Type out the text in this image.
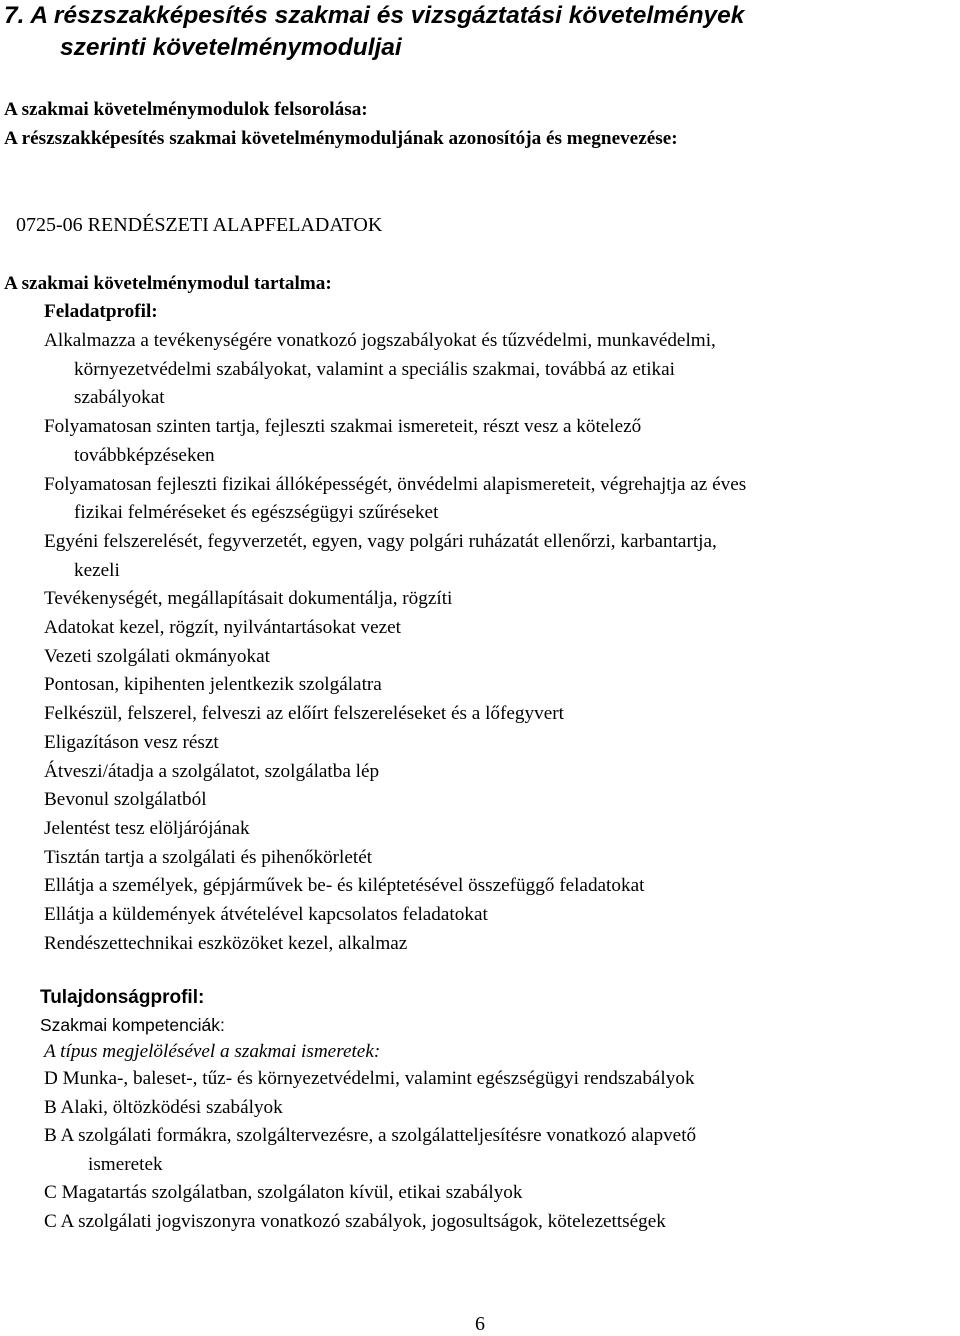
7. A részszakképesítés szakmai és vizsgáztatási követelmények
szerinti követelménymoduljai
A szakmai követelménymodulok felsorolása:
A részszakképesítés szakmai követelménymoduljának azonosítója és megnevezése:
0725-06 RENDÉSZETI ALAPFELADATOK
A szakmai követelménymodul tartalma:
Feladatprofil:
Alkalmazza a tevékenységére vonatkozó jogszabályokat és tűzvédelmi, munkavédelmi,
környezetvédelmi szabályokat, valamint a speciális szakmai, továbbá az etikai
szabályokat
Folyamatosan szinten tartja, fejleszti szakmai ismereteit, részt vesz a kötelező
továbbképzéseken
Folyamatosan fejleszti fizikai állóképességét, önvédelmi alapismereteit, végrehajtja az éves
fizikai felméréseket és egészségügyi szűréseket
Egyéni felszerelését, fegyverzetét, egyen, vagy polgári ruházatát ellenőrzi, karbantartja,
kezeli
Tevékenységét, megállapításait dokumentálja, rögzíti
Adatokat kezel, rögzít, nyilvántartásokat vezet
Vezeti szolgálati okmányokat
Pontosan, kipihenten jelentkezik szolgálatra
Felkészül, felszerel, felveszi az előírt felszereléseket és a lőfegyvert
Eligazításon vesz részt
Átveszi/átadja a szolgálatot, szolgálatba lép
Bevonul szolgálatból
Jelentést tesz elöljárójának
Tisztán tartja a szolgálati és pihenőkörletét
Ellátja a személyek, gépjárművek be- és kiléptetésével összefüggő feladatokat
Ellátja a küldemények átvételével kapcsolatos feladatokat
Rendészettechnikai eszközöket kezel, alkalmaz
Tulajdonságprofil:
Szakmai kompetenciák:
A típus megjelölésével a szakmai ismeretek:
D Munka-, baleset-, tűz- és környezetvédelmi, valamint egészségügyi rendszabályok
B Alaki, öltözködési szabályok
B A szolgálati formákra, szolgáltervezésre, a szolgálatteljesítésre vonatkozó alapvető
ismeretek
C Magatartás szolgálatban, szolgálaton kívül, etikai szabályok
C A szolgálati jogviszonyra vonatkozó szabályok, jogosultságok, kötelezettségek
6
